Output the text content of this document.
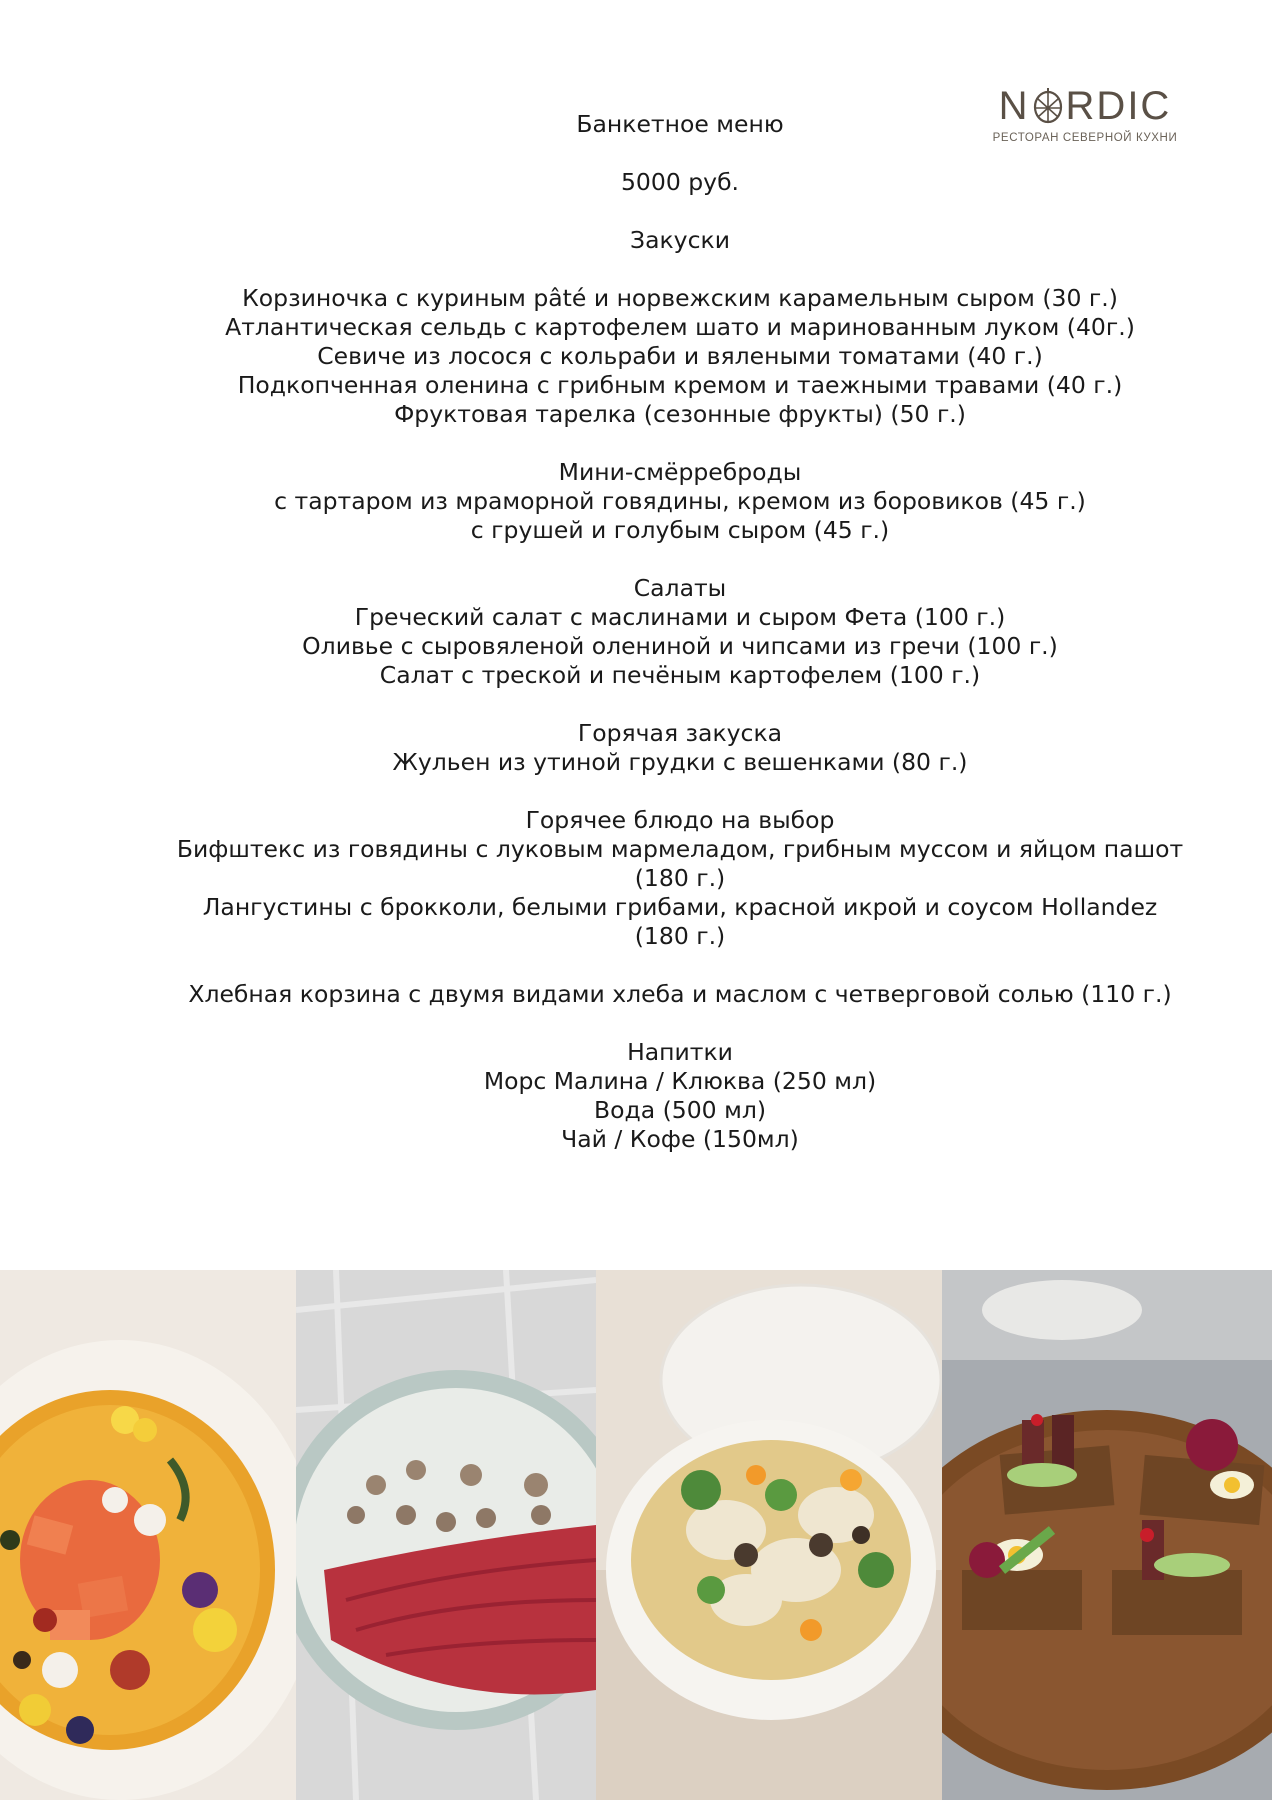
N RDIC
РЕСТОРАН СЕВЕРНОЙ КУХНИ

Банкетное меню

5000 руб.

Закуски

Корзиночка с куриным pâté и норвежским карамельным сыром (30 г.)

Атлантическая сельдь с картофелем шато и маринованным луком (40г.)

Севиче из лосося с кольраби и вялеными томатами (40 г.)

Подкопченная оленина с грибным кремом и таежными травами (40 г.)

Фруктовая тарелка (сезонные фрукты) (50 г.)

Мини-смёрреброды

с тартаром из мраморной говядины, кремом из боровиков (45 г.)

с грушей и голубым сыром (45 г.)

Салаты

Греческий салат с маслинами и сыром Фета (100 г.)

Оливье с сыровяленой олениной и чипсами из гречи (100 г.)

Салат с треской и печёным картофелем (100 г.)

Горячая закуска

Жульен из утиной грудки с вешенками (80 г.)

Горячее блюдо на выбор

Бифштекс из говядины с луковым мармеладом, грибным муссом и яйцом пашот

(180 г.)

Лангустины с брокколи, белыми грибами, красной икрой и соусом Hollandez

(180 г.)

Хлебная корзина с двумя видами хлеба и маслом с четверговой солью (110 г.)

Напитки

Морс Малина / Клюква (250 мл)

Вода (500 мл)

Чай / Кофе (150мл)
